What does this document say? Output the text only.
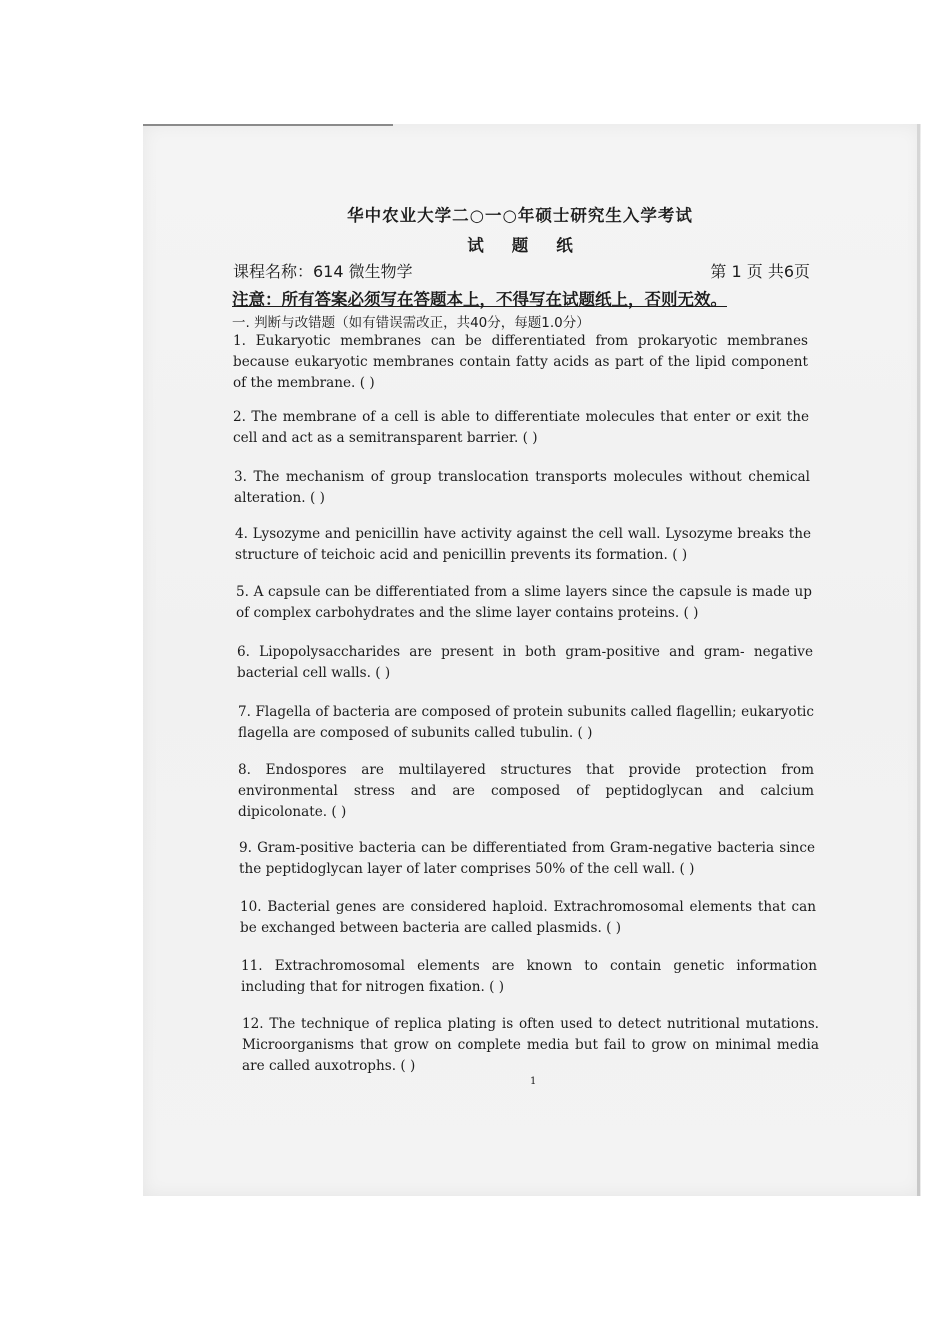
华中农业大学二○一○年硕士研究生入学考试
试题纸
课程名称：614 微生物学	第 1 页 共6页
注意：所有答案必须写在答题本上，不得写在试题纸上，否则无效。
一. 判断与改错题（如有错误需改正，共40分，每题1.0分）
1. Eukaryotic membranes can be differentiated from prokaryotic membranes because eukaryotic membranes contain fatty acids as part of the lipid component of the membrane. ( )
2. The membrane of a cell is able to differentiate molecules that enter or exit the cell and act as a semitransparent barrier. ( )
3. The mechanism of group translocation transports molecules without chemical alteration. ( )
4. Lysozyme and penicillin have activity against the cell wall. Lysozyme breaks the structure of teichoic acid and penicillin prevents its formation. ( )
5. A capsule can be differentiated from a slime layers since the capsule is made up of complex carbohydrates and the slime layer contains proteins. ( )
6. Lipopolysaccharides are present in both gram-positive and gram- negative bacterial cell walls. ( )
7. Flagella of bacteria are composed of protein subunits called flagellin; eukaryotic flagella are composed of subunits called tubulin. ( )
8. Endospores are multilayered structures that provide protection from environmental stress and are composed of peptidoglycan and calcium dipicolonate. ( )
9. Gram-positive bacteria can be differentiated from Gram-negative bacteria since the peptidoglycan layer of later comprises 50% of the cell wall. ( )
10. Bacterial genes are considered haploid. Extrachromosomal elements that can be exchanged between bacteria are called plasmids. ( )
11. Extrachromosomal elements are known to contain genetic information including that for nitrogen fixation. ( )
12. The technique of replica plating is often used to detect nutritional mutations. Microorganisms that grow on complete media but fail to grow on minimal media are called auxotrophs. ( )
1
